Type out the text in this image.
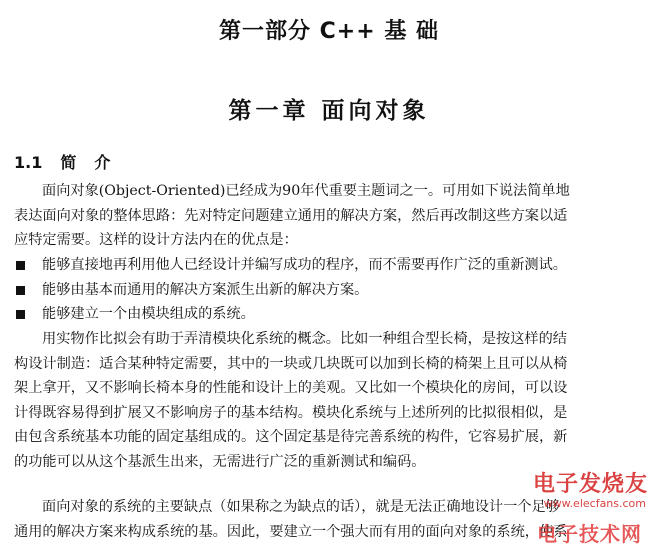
第一部分 C++ 基 础
第一章 面向对象
1.1 简介
面向对象(Object-Oriented)已经成为90年代重要主题词之一。可用如下说法简单地
表达面向对象的整体思路：先对特定问题建立通用的解决方案，然后再改制这些方案以适
应特定需要。这样的设计方法内在的优点是：
能够直接地再利用他人已经设计并编写成功的程序，而不需要再作广泛的重新测试。
能够由基本而通用的解决方案派生出新的解决方案。
能够建立一个由模块组成的系统。
用实物作比拟会有助于弄清模块化系统的概念。比如一种组合型长椅，是按这样的结
构设计制造：适合某种特定需要，其中的一块或几块既可以加到长椅的椅架上且可以从椅
架上拿开，又不影响长椅本身的性能和设计上的美观。又比如一个模块化的房间，可以设
计得既容易得到扩展又不影响房子的基本结构。模块化系统与上述所列的比拟很相似，是
由包含系统基本功能的固定基组成的。这个固定基是待完善系统的构件，它容易扩展，新
的功能可以从这个基派生出来，无需进行广泛的重新测试和编码。
面向对象的系统的主要缺点（如果称之为缺点的话），就是无法正确地设计一个足够
通用的解决方案来构成系统的基。因此，要建立一个强大而有用的面向对象的系统，使系
电子发烧友
www.elecfans.com
电子技术网
